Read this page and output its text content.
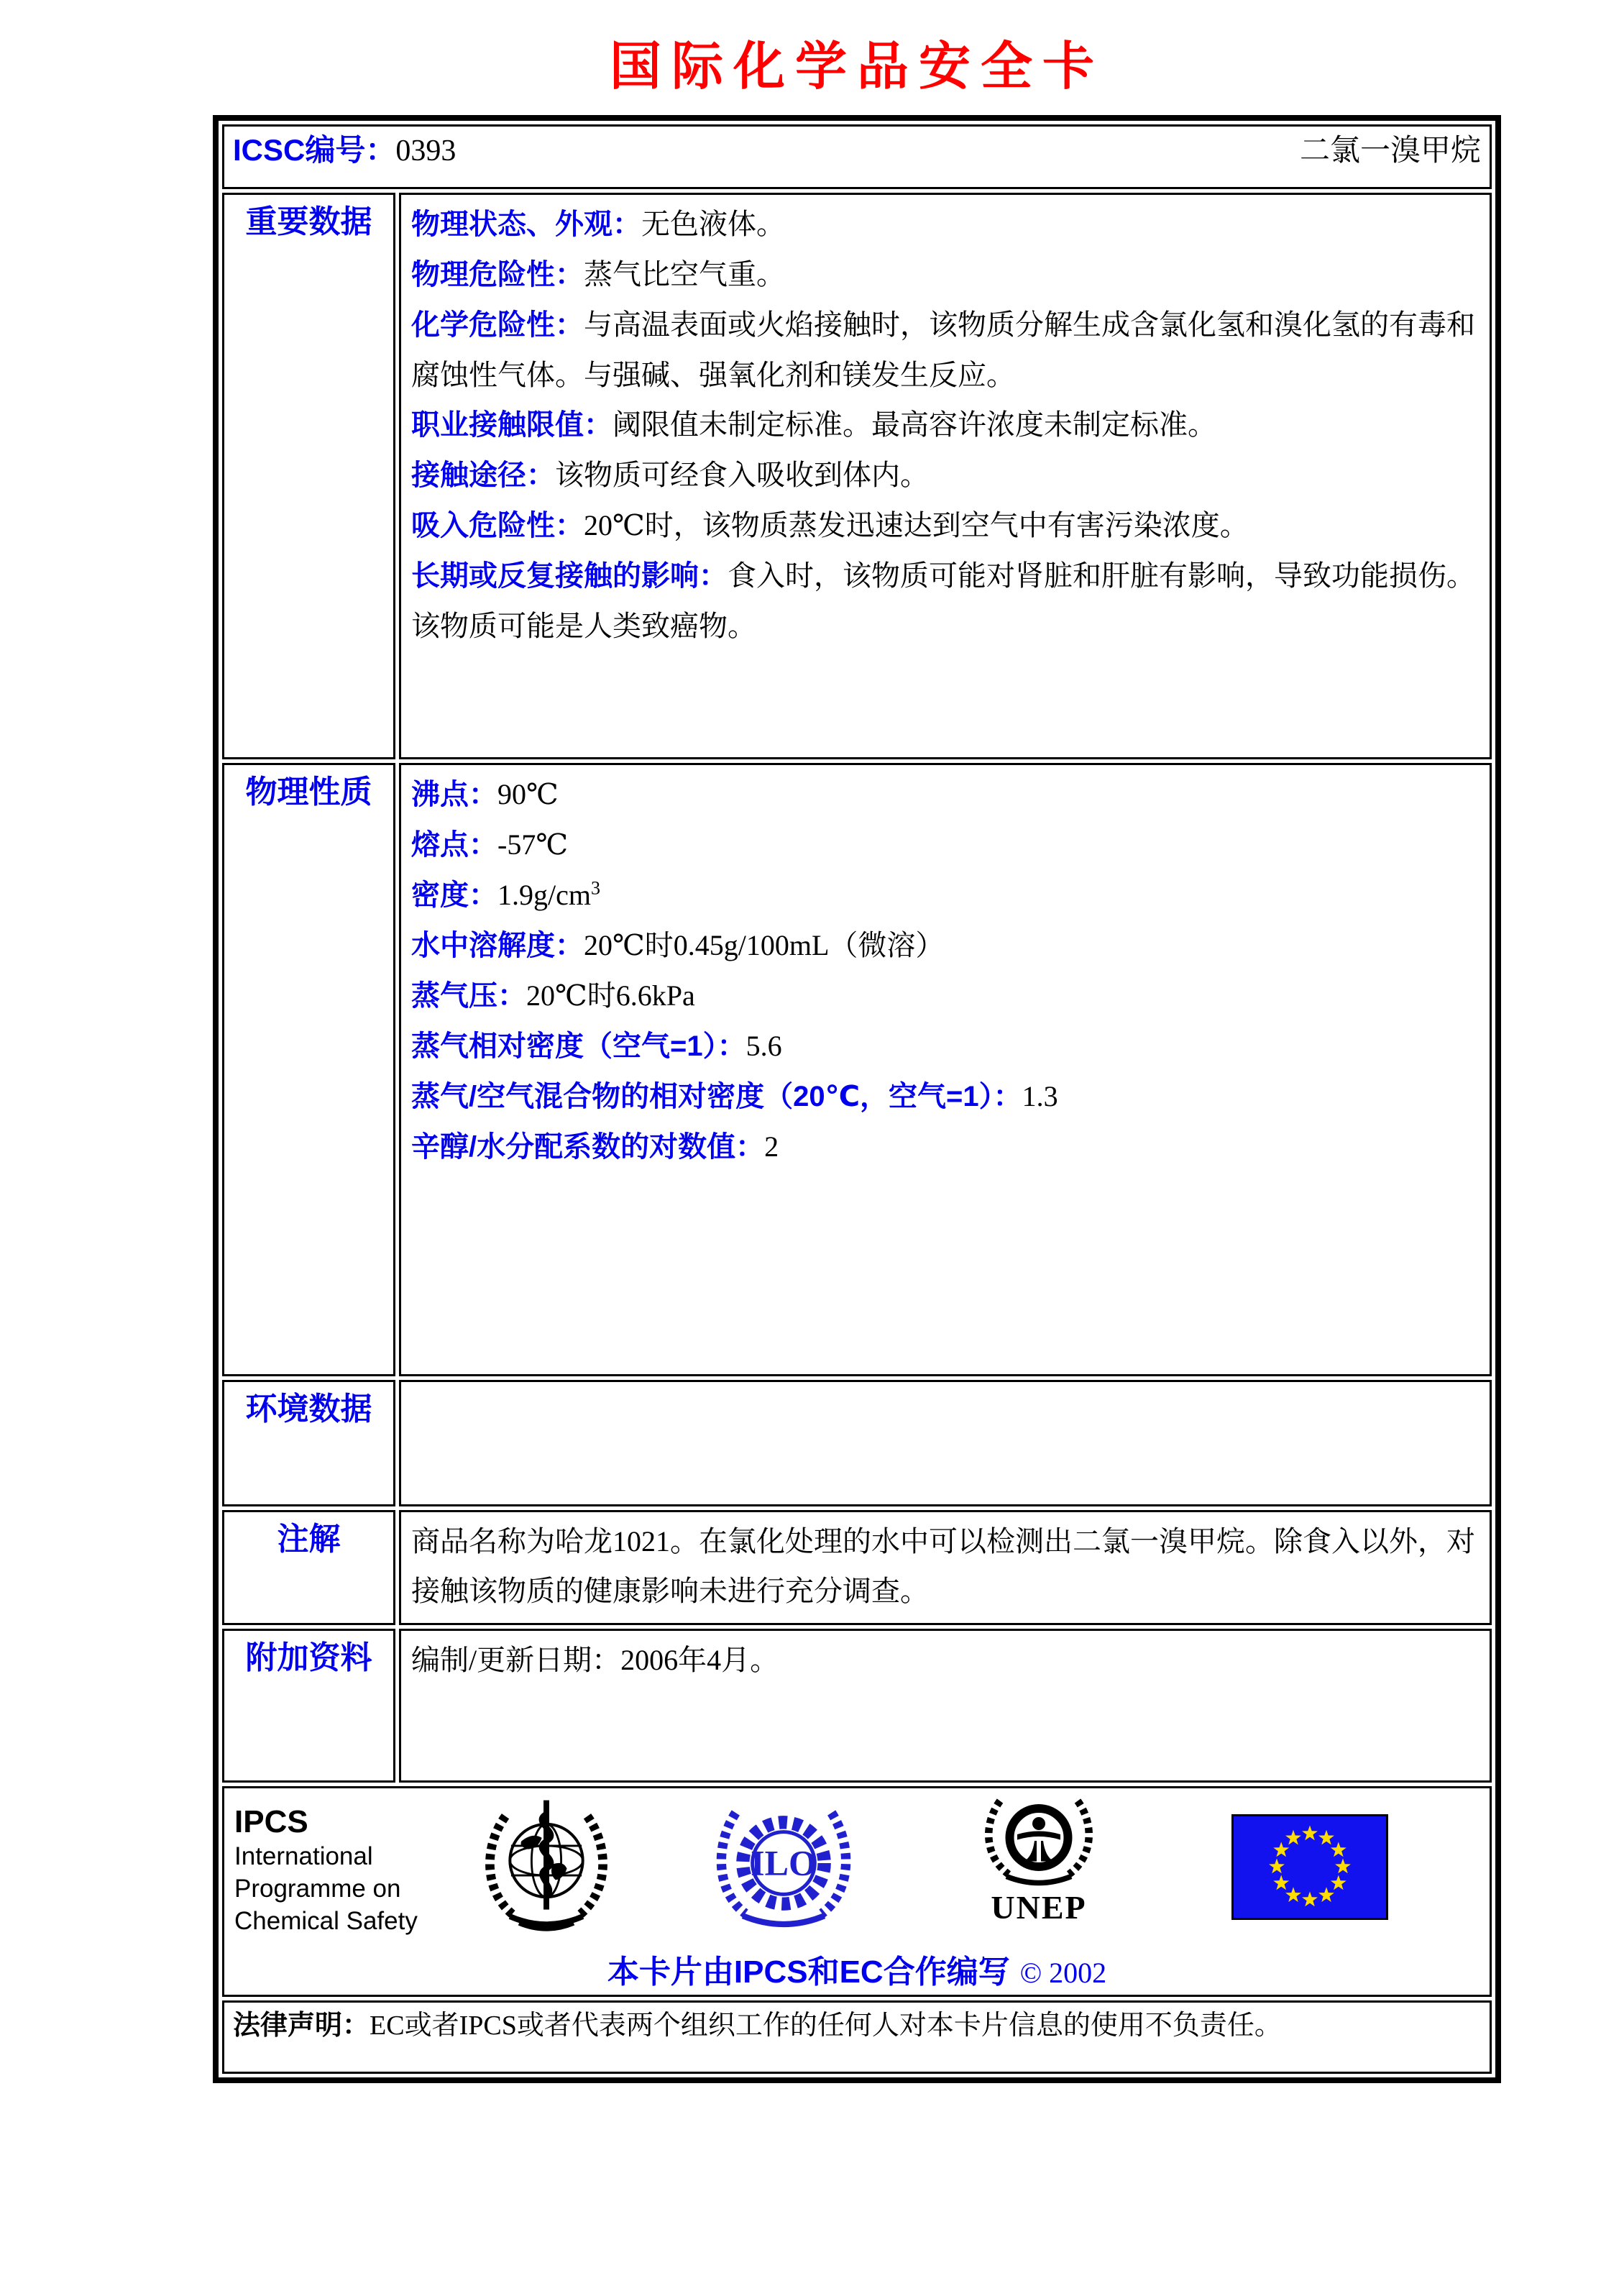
国际化学品安全卡
ICSC编号：0393 二氯一溴甲烷	

重要数据	物理状态、外观：无色液体。
物理危险性：蒸气比空气重。
化学危险性：与高温表面或火焰接触时，该物质分解生成含氯化氢和溴化氢的有毒和腐蚀性气体。与强碱、强氧化剂和镁发生反应。
职业接触限值：阈限值未制定标准。最高容许浓度未制定标准。
接触途径：该物质可经食入吸收到体内。
吸入危险性：20℃时，该物质蒸发迅速达到空气中有害污染浓度。
长期或反复接触的影响：食入时，该物质可能对肾脏和肝脏有影响，导致功能损伤。该物质可能是人类致癌物。

物理性质	沸点：90℃
熔点：-57℃
密度：$1.9g/cm^3$
水中溶解度：20℃时0.45g/100mL（微溶）
蒸气压：20℃时6.6kPa
蒸气相对密度（空气=1）：5.6
蒸气/空气混合物的相对密度（20℃，空气=1）：1.3
辛醇/水分配系数的对数值：2

环境数据	
注解	商品名称为哈龙1021。在氯化处理的水中可以检测出二氯一溴甲烷。除食入以外，对接触该物质的健康影响未进行充分调查。
附加资料	编制/更新日期：2006年4月。

IPCS
International
Programme on
Chemical Safety
ILO
UNEP
本卡片由IPCS和EC合作编写 © 2002

法律声明：EC或者IPCS或者代表两个组织工作的任何人对本卡片信息的使用不负责任。	
